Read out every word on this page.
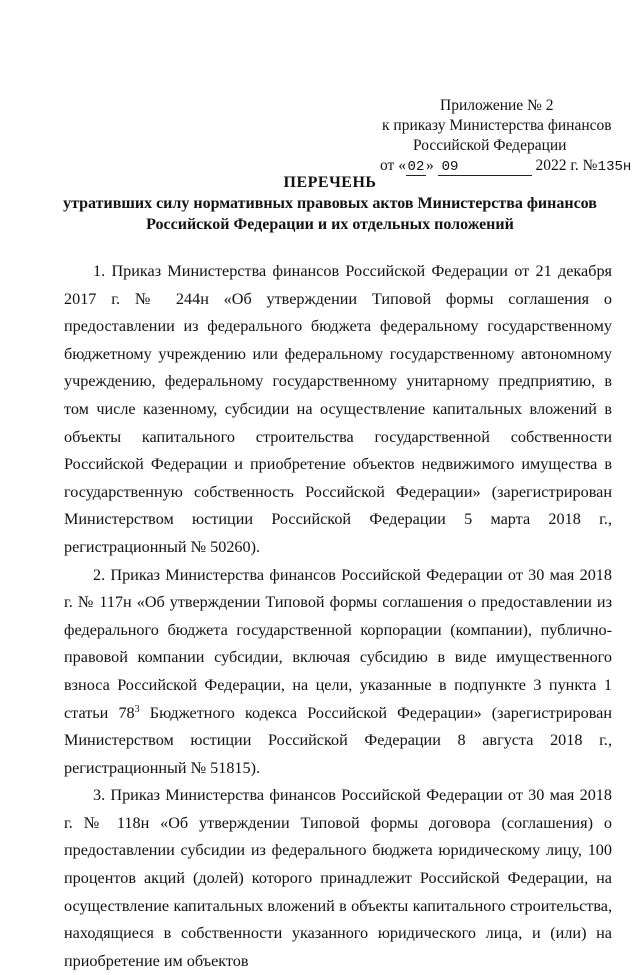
Приложение № 2
к приказу Министерства финансов
Российской Федерации
от « 02 » 09	2022 г. №135н
ПЕРЕЧЕНЬ
утративших силу нормативных правовых актов Министерства финансов
Российской Федерации и их отдельных положений

1. Приказ Министерства финансов Российской Федерации от 21 декабря 2017 г. № 244н «Об утверждении Типовой формы соглашения о предоставлении из федерального бюджета федеральному государственному бюджетному учреждению или федеральному государственному автономному учреждению, федеральному государственному унитарному предприятию, в том числе казенному, субсидии на осуществление капитальных вложений в объекты капитального строительства государственной собственности Российской Федерации и приобретение объектов недвижимого имущества в государственную собственность Российской Федерации» (зарегистрирован Министерством юстиции Российской Федерации 5 марта 2018 г., регистрационный № 50260).

2. Приказ Министерства финансов Российской Федерации от 30 мая 2018 г. № 117н «Об утверждении Типовой формы соглашения о предоставлении из федерального бюджета государственной корпорации (компании), публично-правовой компании субсидии, включая субсидию в виде имущественного взноса Российской Федерации, на цели, указанные в подпункте 3 пункта 1 статьи $78^3$ Бюджетного кодекса Российской Федерации» (зарегистрирован Министерством юстиции Российской Федерации 8 августа 2018 г., регистрационный № 51815).

3. Приказ Министерства финансов Российской Федерации от 30 мая 2018 г. № 118н «Об утверждении Типовой формы договора (соглашения) о предоставлении субсидии из федерального бюджета юридическому лицу, 100 процентов акций (долей) которого принадлежит Российской Федерации, на осуществление капитальных вложений в объекты капитального строительства, находящиеся в собственности указанного юридического лица, и (или) на приобретение им объектов
